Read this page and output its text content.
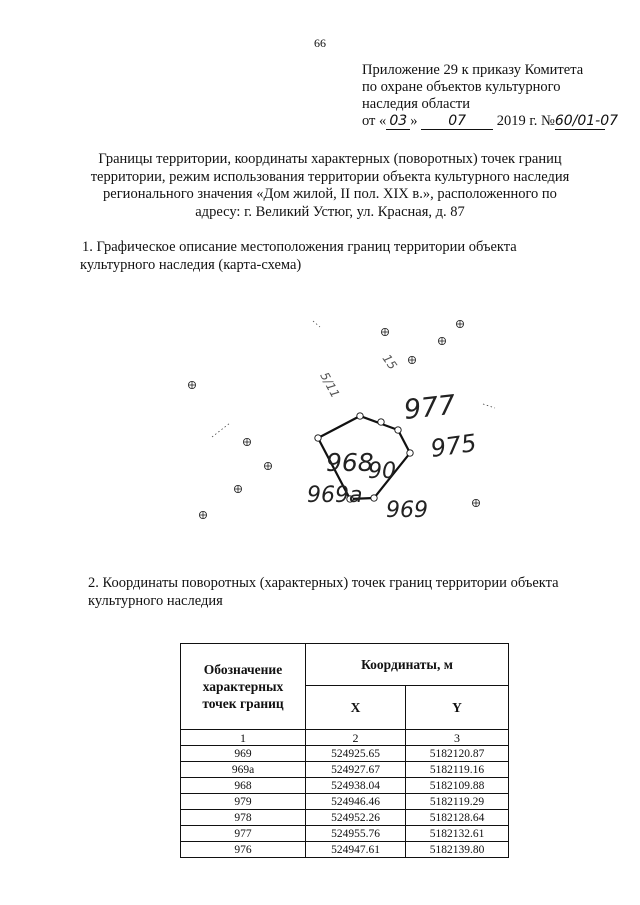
66
Приложение 29 к приказу Комитета
по охране объектов культурного
наследия области
от « 03 » 07 2019 г. №60/01-07
Границы территории, координаты характерных (поворотных) точек границ
территории, режим использования территории объекта культурного наследия
регионального значения «Дом жилой, II пол. XIX в.», расположенного по
адресу: г. Великий Устюг, ул. Красная, д. 87
1. Графическое описание местоположения границ территории объекта
культурного наследия (карта-схема)
977
968
90
975
969a
969
15
5/11
2. Координаты поворотных (характерных) точек границ территории объекта
культурного наследия
Обозначение
характерных
точек границ	Координаты, м	
	X	Y
1	2	3
969	524925.65	5182120.87
969а	524927.67	5182119.16
968	524938.04	5182109.88
979	524946.46	5182119.29
978	524952.26	5182128.64
977	524955.76	5182132.61
976	524947.61	5182139.80
